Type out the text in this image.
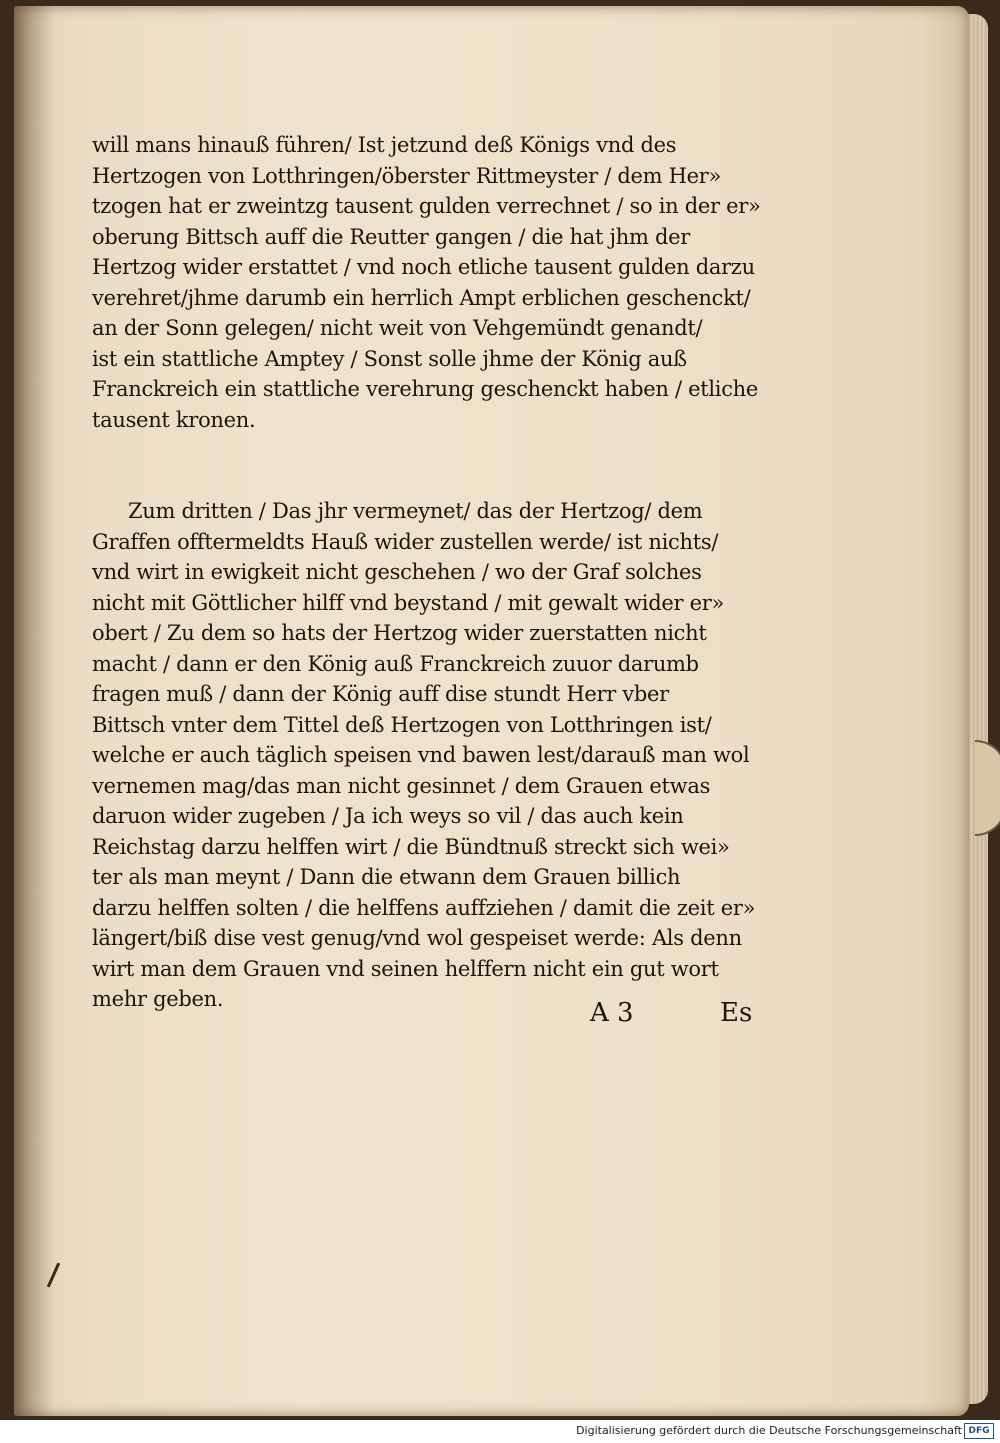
will mans hinauß führen/ Ist jetzund deß Königs vnd des
Hertzogen von Lotthringen/öberster Rittmeyster / dem Her»
tzogen hat er zweintzg tausent gulden verrechnet / so in der er»
oberung Bittsch auff die Reutter gangen / die hat jhm der
Hertzog wider erstattet / vnd noch etliche tausent gulden darzu
verehret/jhme darumb ein herrlich Ampt erblichen geschenckt/
an der Sonn gelegen/ nicht weit von Vehgemündt genandt/
ist ein stattliche Amptey / Sonst solle jhme der König auß
Franckreich ein stattliche verehrung geschenckt haben / etliche
tausent kronen.
Zum dritten / Das jhr vermeynet/ das der Hertzog/ dem
Graffen offtermeldts Hauß wider zustellen werde/ ist nichts/
vnd wirt in ewigkeit nicht geschehen / wo der Graf solches
nicht mit Göttlicher hilff vnd beystand / mit gewalt wider er»
obert / Zu dem so hats der Hertzog wider zuerstatten nicht
macht / dann er den König auß Franckreich zuuor darumb
fragen muß / dann der König auff dise stundt Herr vber
Bittsch vnter dem Tittel deß Hertzogen von Lotthringen ist/
welche er auch täglich speisen vnd bawen lest/darauß man wol
vernemen mag/das man nicht gesinnet / dem Grauen etwas
daruon wider zugeben / Ja ich weys so vil / das auch kein
Reichstag darzu helffen wirt / die Bündtnuß streckt sich wei»
ter als man meynt / Dann die etwann dem Grauen billich
darzu helffen solten / die helffens auffziehen / damit die zeit er»
längert/biß dise vest genug/vnd wol gespeiset werde: Als denn
wirt man dem Grauen vnd seinen helffern nicht ein gut wort
mehr geben.	A 3	Es
Digitalisierung gefördert durch die Deutsche Forschungsgemeinschaft DFG
